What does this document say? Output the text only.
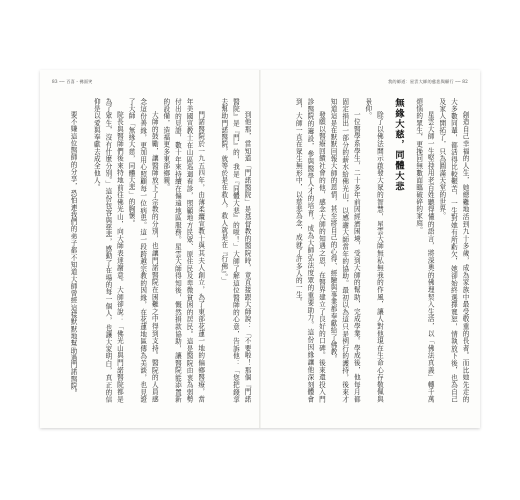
83 ── 百喜・佛面笑	我的師道：星雲大師的慈悲與願行 ── 82

創造自己幸福的人生，她總難地活到九十多歲，成為家族中最受敬重的長者。而比她先走的大多數同輩，都活得比較艱苦，一生對她有所虧欠，她卻始終選擇寬恕，情執放下後，也為自己及家人開拓了，只為圓滿天堂的世界。

星雲大師一生堅持用老百姓聽得懂的語言，將深奧的佛理契入生活，以「佛法真義」轉千萬煩惱的眾生，更挽回無數面臨破碎的家庭。

無緣大慈，同體大悲

除了以佛法開示啟發大眾的智慧，星雲大師無私無我的作風，讓人對他現在生命心存敬佩與景仰。

一位醫學系學生，二十多年前因經濟困境，受到大師的幫助，完成學業。學成後，他每月都固定捐出一部分的薪水給佛光山，以感謝大師當年的協助。最初以為這只是例行的護持，後來才知道這是在默默回報大師的恩情，甚至將自己的心得、經驗與事業都奉獻給了佛教。

發願以醫療回饋社會的他，感念大師的知遇之恩，在醫界建立了良好的口碑。後來還投入門診醫院的籌設，參與醫學人才的培育，成為大師弘法度眾的重要助力。這份因緣讓他深刻體會到，大師一直在眾生無形中，以慈悲為念，成就了許多人的一生。

到他那，當知道「門諾醫院」是基督教的醫院時，竟直接跟大師說：「不要啦！那個『門諾醫院』是『門』的，我是『同體大悲』的啦！」大師了解這位醫師的心意，告訴他：「您把錢拿去幫助門諾醫院，就等於是在救人，救人就是在『行佛』。」

門諾醫院於一九五四年，由薄柔纜宣教士與其夫人創立，為了東部花蓮一地的偏鄉醫療，當年美國宣教士在山區巡迴看診，照顧地方民眾、原住民及卑微貧困的居民。這是醫院由衷為弱勢付出的見證，數十年來持續在偏遠地區服務。星雲大師得知後，慨然捐款協助，讓醫院能添置新的設備，造福更多東部鄉親。

大師的鼓勵，讓醫師放下了宗教的分別，也讓門諾醫院在困難之中得到支持。醫院的人員感念這份善緣，更加用心照顧每一位病患。這一段跨越宗教的因緣，在花蓮地區傳為美談，也見證了大師「無緣大慈，同體大悲」的胸懷。

院長與醫師們後來特地前往佛光山，向大師表達謝意。大師卻說：「佛光山與門諾醫院都是為了眾生，沒有什麼分別。」這份包容與慈悲，感動了在場的每一個人，也讓大家明白，真正的信仰是以愛與奉獻去成全他人。

要不嫌這位醫師的分享，恐怕連我們的弟子都不知道大師曾經這樣默默地幫助過門諾醫院。
